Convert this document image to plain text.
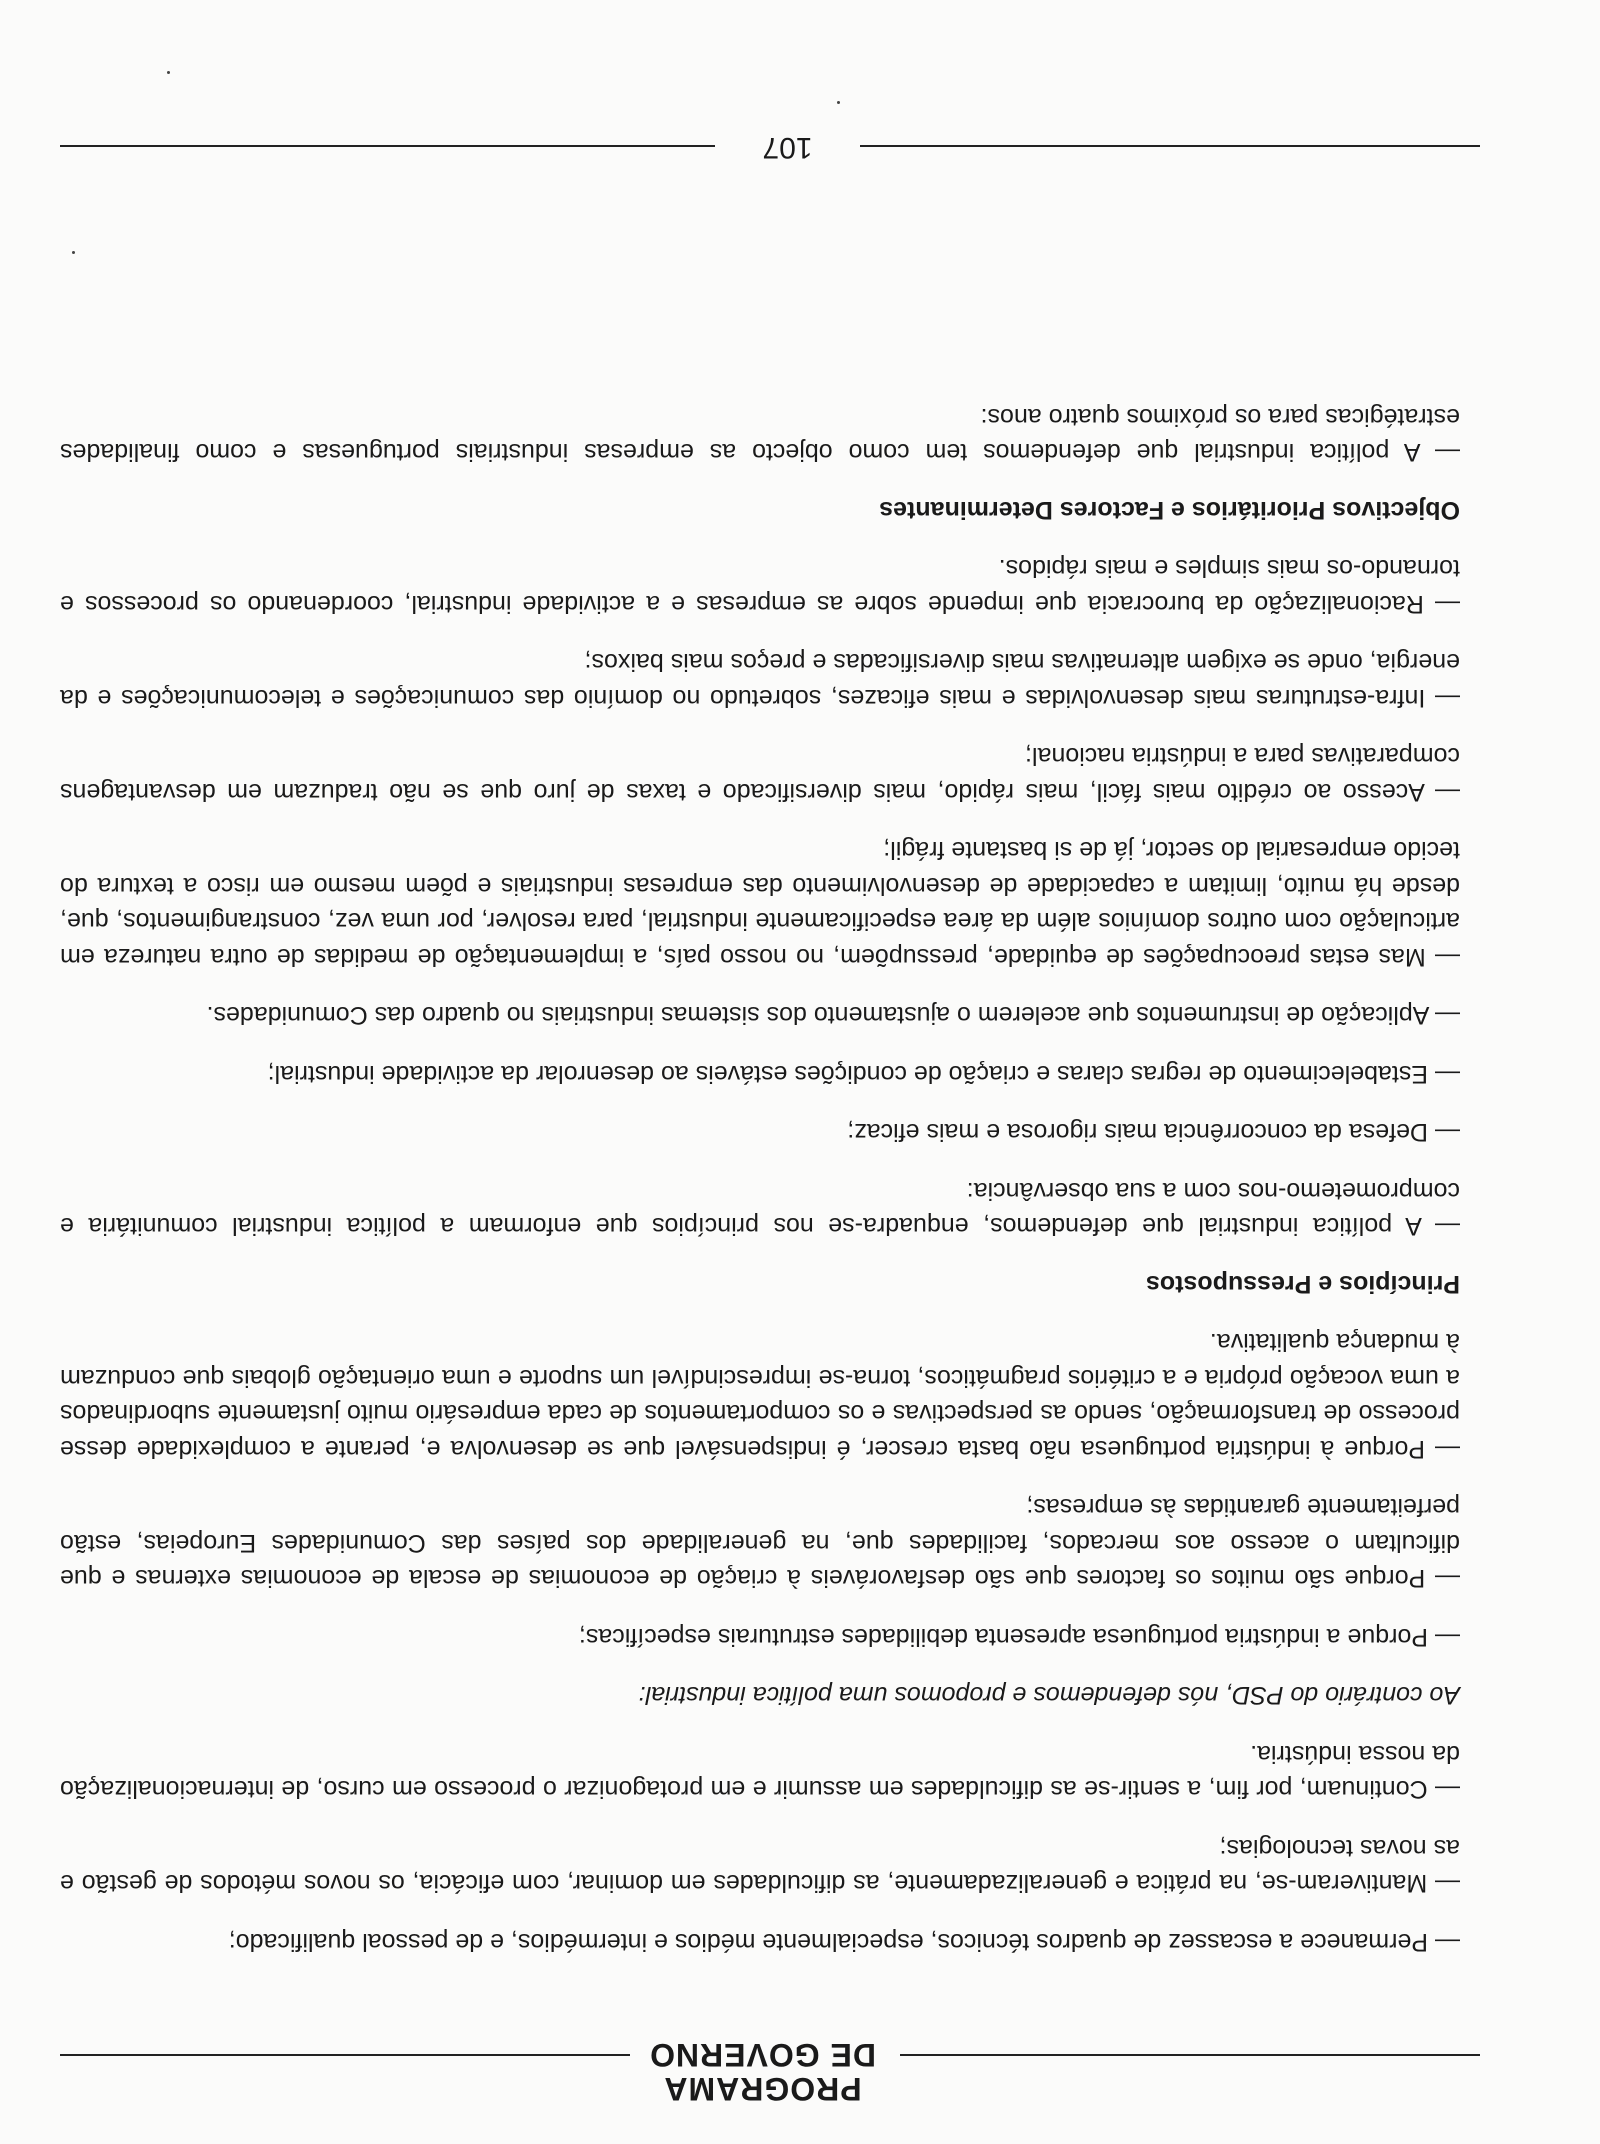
PROGRAMA
DE GOVERNO

— Permanece a escassez de quadros técnicos, especialmente médios e intermédios, e de pessoal qualificado;

— Mantiveram-se, na prática e generalizadamente, as dificuldades em dominar, com eficácia, os novos métodos de gestão e as novas tecnologias;

— Continuam, por fim, a sentir-se as dificuldades em assumir e em protagonizar o processo em curso, de internacionalização da nossa indústria.

Ao contrário do PSD, nós defendemos e propomos uma política industrial:

— Porque a indústria portuguesa apresenta debilidades estruturais específicas;

— Porque são muitos os factores que são desfavoráveis à criação de economias de escala de economias externas e que dificultam o acesso aos mercados, facilidades que, na generalidade dos países das Comunidades Europeias, estão perfeitamente garantidas às empresas;

— Porque à indústria portuguesa não basta crescer, é indispensável que se desenvolva e, perante a complexidade desse processo de transformação, sendo as perspectivas e os comportamentos de cada empresário muito justamente subordinados a uma vocação própria e a critérios pragmáticos, torna-se imprescindível um suporte e uma orientação globais que conduzam à mudança qualitativa.

Princípios e Pressupostos

— A política industrial que defendemos, enquadra-se nos princípios que enformam a política industrial comunitária e comprometemo-nos com a sua observância:

— Defesa da concorrência mais rigorosa e mais eficaz;

— Estabelecimento de regras claras e criação de condições estáveis ao desenrolar da actividade industrial;

— Aplicação de instrumentos que acelerem o ajustamento dos sistemas industriais no quadro das Comunidades.

— Mas estas preocupações de equidade, pressupõem, no nosso país, a implementação de medidas de outra natureza em articulação com outros domínios além da área especificamente industrial, para resolver, por uma vez, constrangimentos, que, desde há muito, limitam a capacidade de desenvolvimento das empresas industriais e põem mesmo em risco a textura do tecido empresarial do sector, já de si bastante frágil;

— Acesso ao crédito mais fácil, mais rápido, mais diversificado e taxas de juro que se não traduzam em desvantagens comparativas para a indústria nacional;

— Infra-estruturas mais desenvolvidas e mais eficazes, sobretudo no domínio das comunicações e telecomunicações e da energia, onde se exigem alternativas mais diversificadas e preços mais baixos;

— Racionalização da burocracia que impende sobre as empresas e a actividade industrial, coordenando os processos e tornando-os mais simples e mais rápidos.

Objectivos Prioritários e Factores Determinantes

— A política industrial que defendemos tem como objecto as empresas industriais portuguesas e como finalidades estratégicas para os próximos quatro anos:

107
